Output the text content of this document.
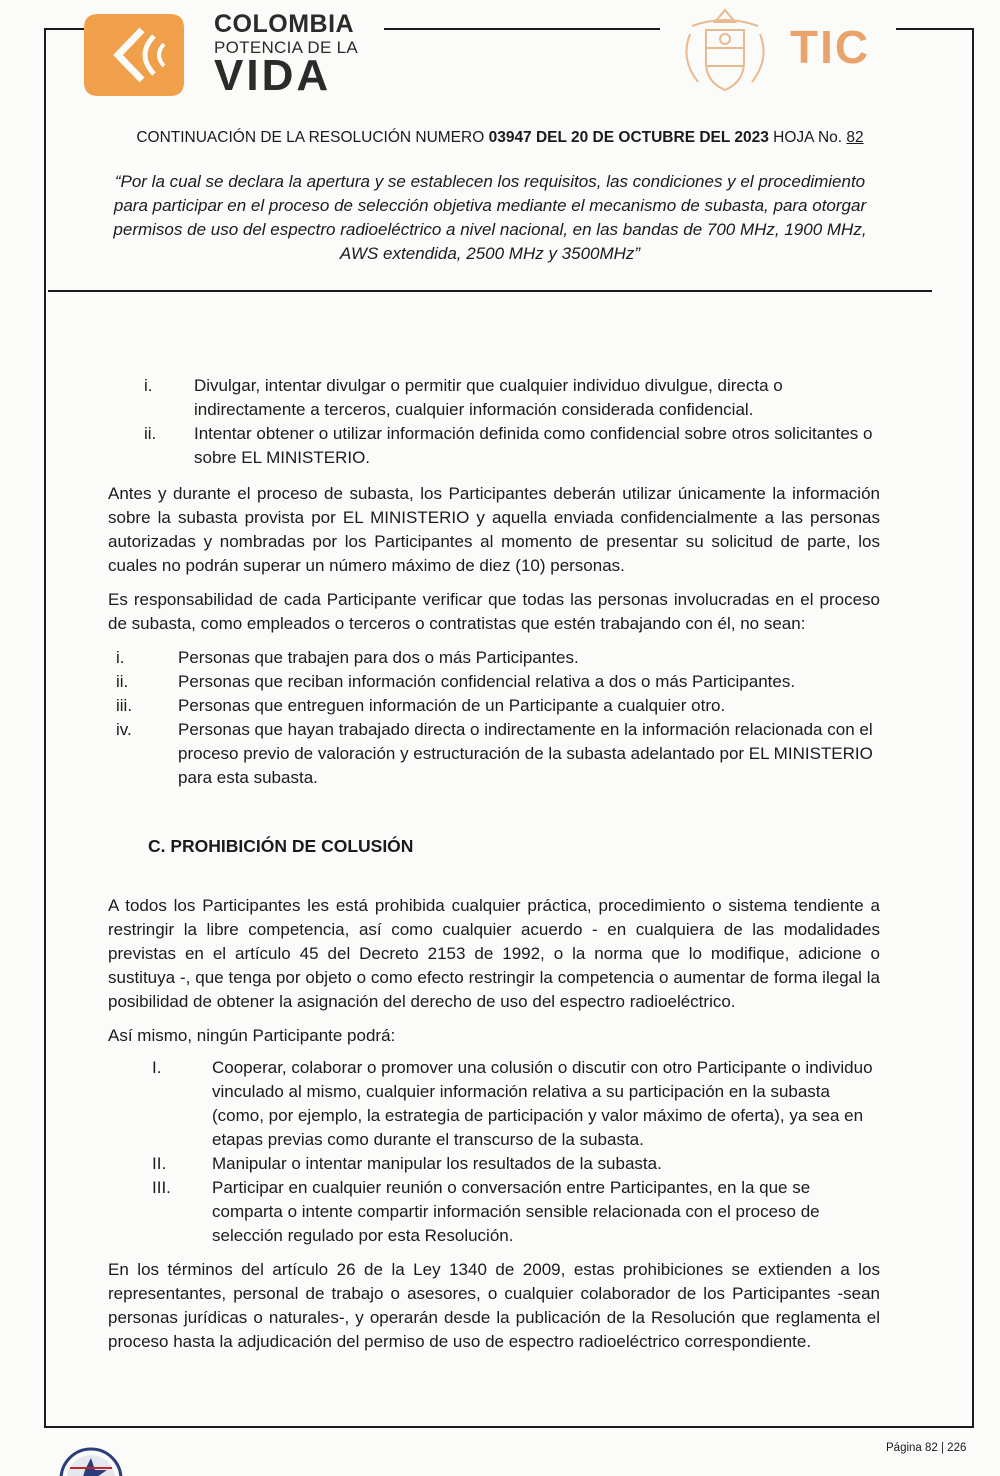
COLOMBIA
POTENCIA DE LA
VIDA
TIC
CONTINUACIÓN DE LA RESOLUCIÓN NUMERO 03947 DEL 20 DE OCTUBRE DEL 2023 HOJA No. 82
“Por la cual se declara la apertura y se establecen los requisitos, las condiciones y el procedimiento para participar en el proceso de selección objetiva mediante el mecanismo de subasta, para otorgar permisos de uso del espectro radioeléctrico a nivel nacional, en las bandas de 700 MHz, 1900 MHz, AWS extendida, 2500 MHz y 3500MHz”
i. Divulgar, intentar divulgar o permitir que cualquier individuo divulgue, directa o indirectamente a terceros, cualquier información considerada confidencial.
ii. Intentar obtener o utilizar información definida como confidencial sobre otros solicitantes o sobre EL MINISTERIO.

Antes y durante el proceso de subasta, los Participantes deberán utilizar únicamente la información sobre la subasta provista por EL MINISTERIO y aquella enviada confidencialmente a las personas autorizadas y nombradas por los Participantes al momento de presentar su solicitud de parte, los cuales no podrán superar un número máximo de diez (10) personas.

Es responsabilidad de cada Participante verificar que todas las personas involucradas en el proceso de subasta, como empleados o terceros o contratistas que estén trabajando con él, no sean:

i.	Personas que trabajen para dos o más Participantes.
ii.	Personas que reciban información confidencial relativa a dos o más Participantes.
iii.	Personas que entreguen información de un Participante a cualquier otro.
iv.	Personas que hayan trabajado directa o indirectamente en la información relacionada con el proceso previo de valoración y estructuración de la subasta adelantado por EL MINISTERIO para esta subasta.
C. PROHIBICIÓN DE COLUSIÓN

A todos los Participantes les está prohibida cualquier práctica, procedimiento o sistema tendiente a restringir la libre competencia, así como cualquier acuerdo - en cualquiera de las modalidades previstas en el artículo 45 del Decreto 2153 de 1992, o la norma que lo modifique, adicione o sustituya -, que tenga por objeto o como efecto restringir la competencia o aumentar de forma ilegal la posibilidad de obtener la asignación del derecho de uso del espectro radioeléctrico.

Así mismo, ningún Participante podrá:

I.	Cooperar, colaborar o promover una colusión o discutir con otro Participante o individuo vinculado al mismo, cualquier información relativa a su participación en la subasta (como, por ejemplo, la estrategia de participación y valor máximo de oferta), ya sea en etapas previas como durante el transcurso de la subasta.
II.	Manipular o intentar manipular los resultados de la subasta.
III. Participar en cualquier reunión o conversación entre Participantes, en la que se comparta o intente compartir información sensible relacionada con el proceso de selección regulado por esta Resolución.

En los términos del artículo 26 de la Ley 1340 de 2009, estas prohibiciones se extienden a los representantes, personal de trabajo o asesores, o cualquier colaborador de los Participantes -sean personas jurídicas o naturales-, y operarán desde la publicación de la Resolución que reglamenta el proceso hasta la adjudicación del permiso de uso de espectro radioeléctrico correspondiente.

Página 82 | 226
